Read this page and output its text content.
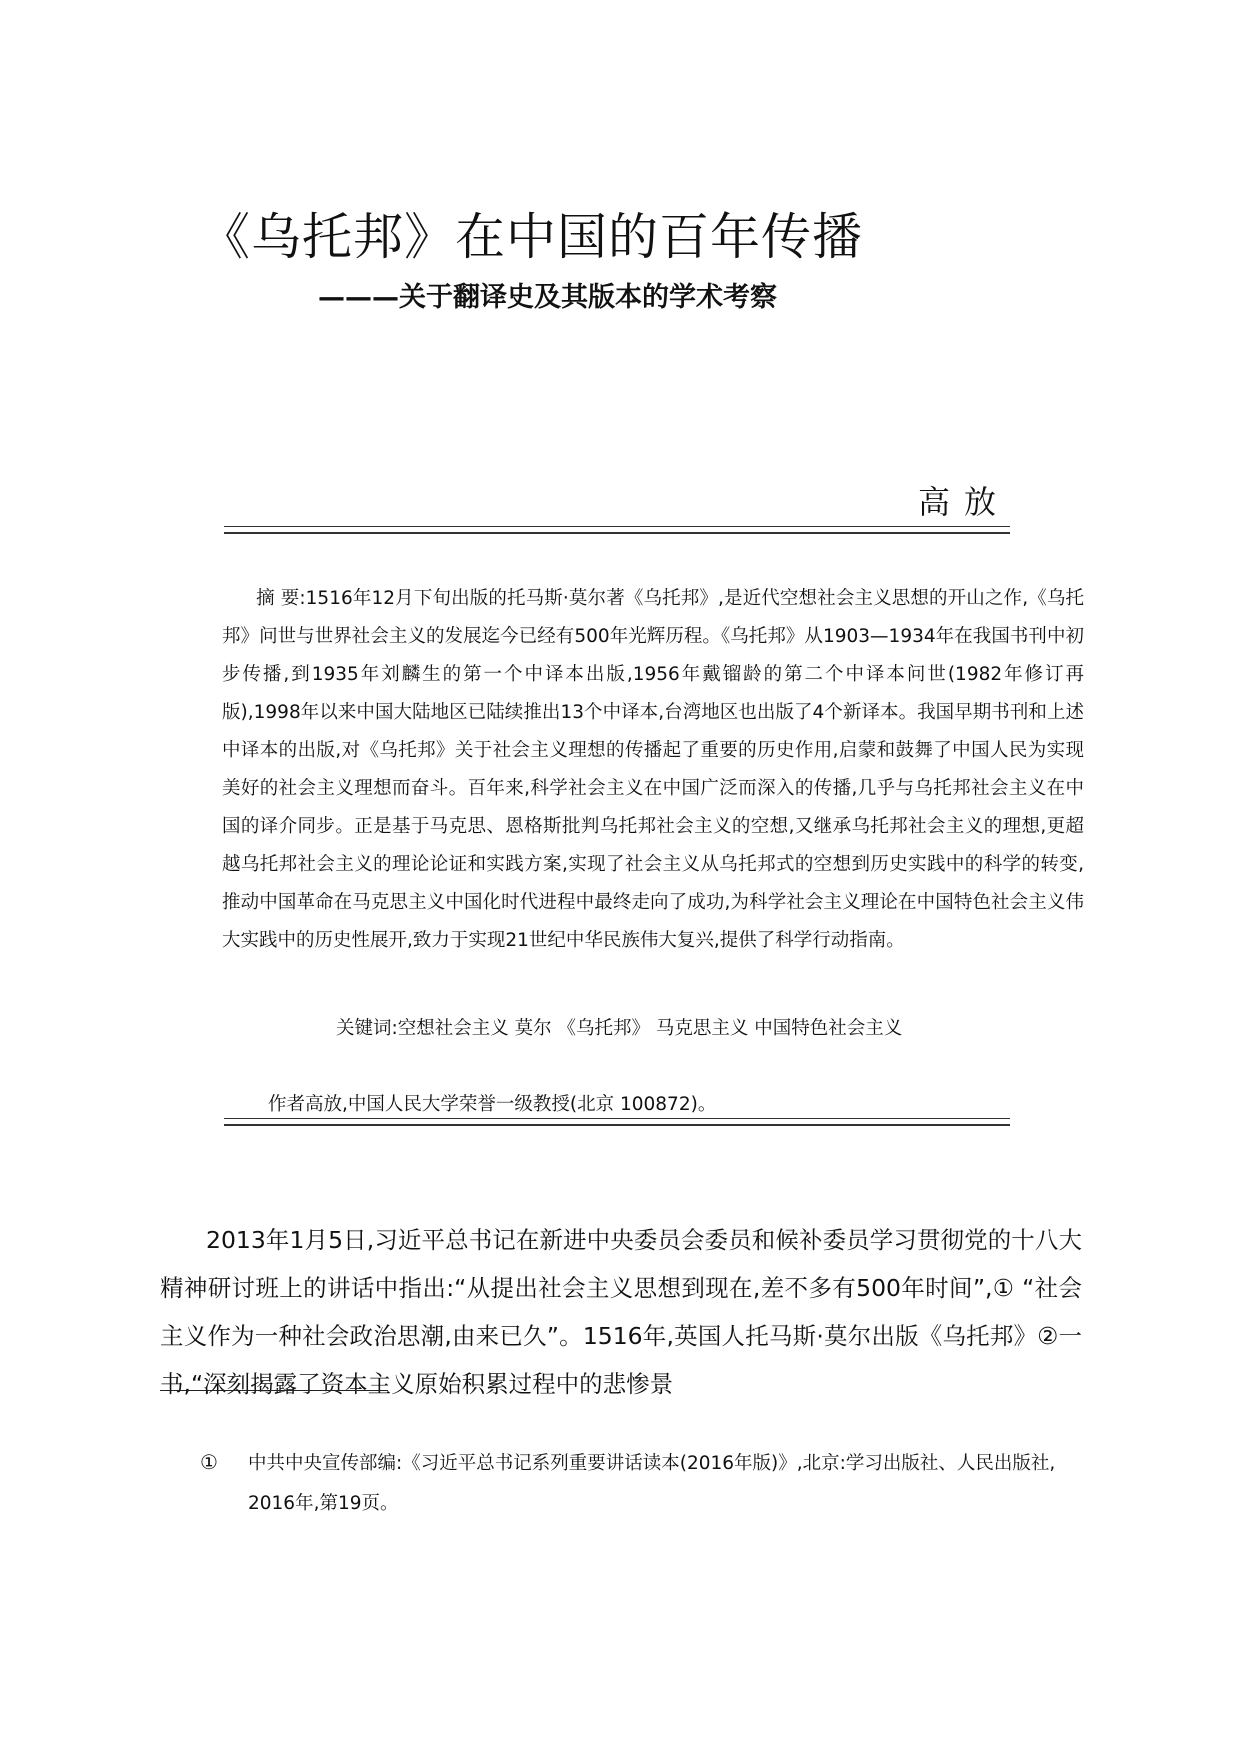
《乌托邦》在中国的百年传播
———关于翻译史及其版本的学术考察
高放

摘 要:1516年12月下旬出版的托马斯·莫尔著《乌托邦》,是近代空想社会主义思想的开山之作,《乌托邦》问世与世界社会主义的发展迄今已经有500年光辉历程。《乌托邦》从1903—1934年在我国书刊中初步传播,到1935年刘麟生的第一个中译本出版,1956年戴镏龄的第二个中译本问世(1982年修订再版),1998年以来中国大陆地区已陆续推出13个中译本,台湾地区也出版了4个新译本。我国早期书刊和上述中译本的出版,对《乌托邦》关于社会主义理想的传播起了重要的历史作用,启蒙和鼓舞了中国人民为实现美好的社会主义理想而奋斗。百年来,科学社会主义在中国广泛而深入的传播,几乎与乌托邦社会主义在中国的译介同步。正是基于马克思、恩格斯批判乌托邦社会主义的空想,又继承乌托邦社会主义的理想,更超越乌托邦社会主义的理论论证和实践方案,实现了社会主义从乌托邦式的空想到历史实践中的科学的转变,推动中国革命在马克思主义中国化时代进程中最终走向了成功,为科学社会主义理论在中国特色社会主义伟大实践中的历史性展开,致力于实现21世纪中华民族伟大复兴,提供了科学行动指南。

关键词:空想社会主义 莫尔 《乌托邦》 马克思主义 中国特色社会主义

作者高放,中国人民大学荣誉一级教授(北京 100872)。

2013年1月5日,习近平总书记在新进中央委员会委员和候补委员学习贯彻党的十八大精神研讨班上的讲话中指出:“从提出社会主义思想到现在,差不多有500年时间”,① “社会主义作为一种社会政治思潮,由来已久”。1516年,英国人托马斯·莫尔出版《乌托邦》②一书,“深刻揭露了资本主义原始积累过程中的悲惨景

① 中共中央宣传部编:《习近平总书记系列重要讲话读本(2016年版)》,北京:学习出版社、人民出版社,
2016年,第19页。
